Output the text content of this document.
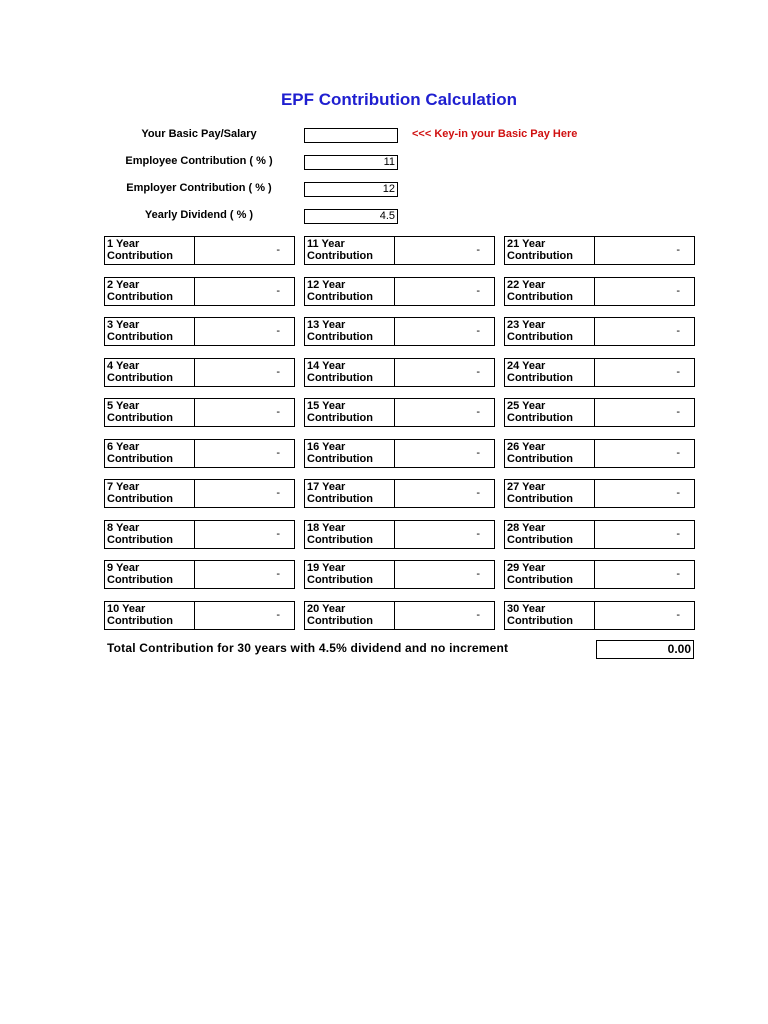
EPF Contribution Calculation
Your Basic Pay/Salary	<<< Key-in your Basic Pay Here
Employee Contribution ( % )	11
Employer Contribution ( % )	12
Yearly Dividend ( % )	4.5
1 Year
Contribution	-
2 Year
Contribution	-
3 Year
Contribution	-
4 Year
Contribution	-
5 Year
Contribution	-
6 Year
Contribution	-
7 Year
Contribution	-
8 Year
Contribution	-
9 Year
Contribution	-
10 Year
Contribution	-
11 Year
Contribution	-
12 Year
Contribution	-
13 Year
Contribution	-
14 Year
Contribution	-
15 Year
Contribution	-
16 Year
Contribution	-
17 Year
Contribution	-
18 Year
Contribution	-
19 Year
Contribution	-
20 Year
Contribution	-
21 Year
Contribution	-
22 Year
Contribution	-
23 Year
Contribution	-
24 Year
Contribution	-
25 Year
Contribution	-
26 Year
Contribution	-
27 Year
Contribution	-
28 Year
Contribution	-
29 Year
Contribution	-
30 Year
Contribution	-
Total Contribution for 30 years with 4.5% dividend and no increment	0.00
